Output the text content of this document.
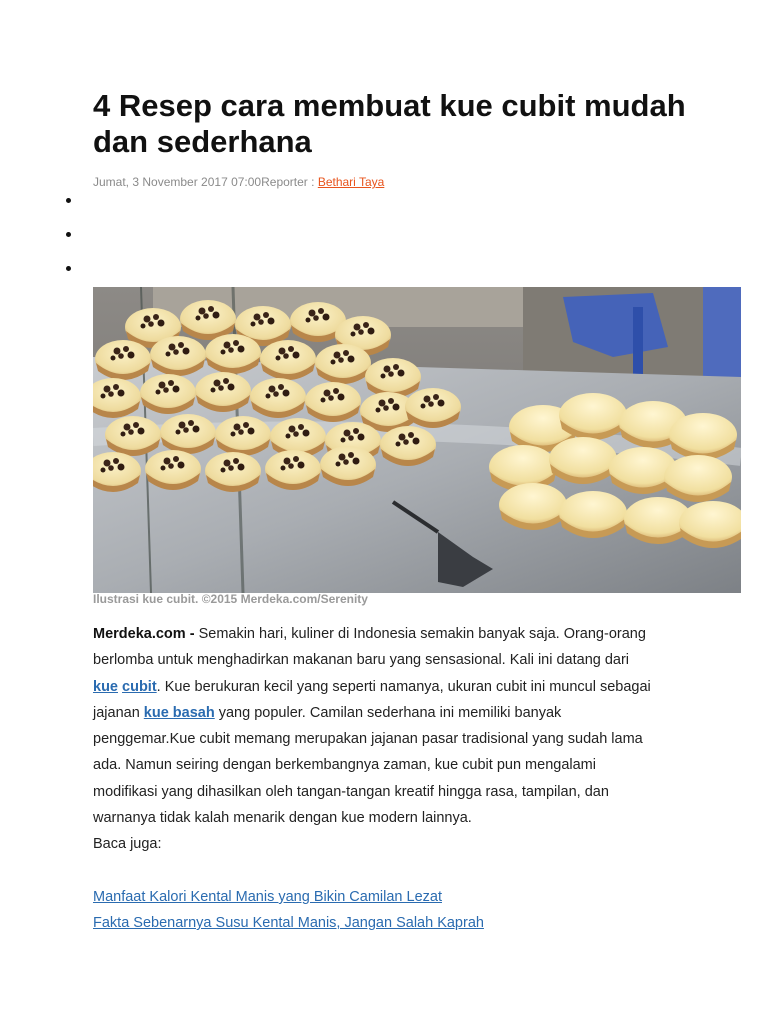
4 Resep cara membuat kue cubit mudah dan sederhana
Jumat, 3 November 2017 07:00Reporter : Bethari Taya
Ilustrasi kue cubit. ©2015 Merdeka.com/Serenity

Merdeka.com - Semakin hari, kuliner di Indonesia semakin banyak saja. Orang-orang berlomba untuk menghadirkan makanan baru yang sensasional. Kali ini datang dari kue cubit. Kue berukuran kecil yang seperti namanya, ukuran cubit ini muncul sebagai jajanan kue basah yang populer. Camilan sederhana ini memiliki banyak penggemar.Kue cubit memang merupakan jajanan pasar tradisional yang sudah lama ada. Namun seiring dengan berkembangnya zaman, kue cubit pun mengalami modifikasi yang dihasilkan oleh tangan-tangan kreatif hingga rasa, tampilan, dan warnanya tidak kalah menarik dengan kue modern lainnya.

Baca juga:

Manfaat Kalori Kental Manis yang Bikin Camilan Lezat
Fakta Sebenarnya Susu Kental Manis, Jangan Salah Kaprah
